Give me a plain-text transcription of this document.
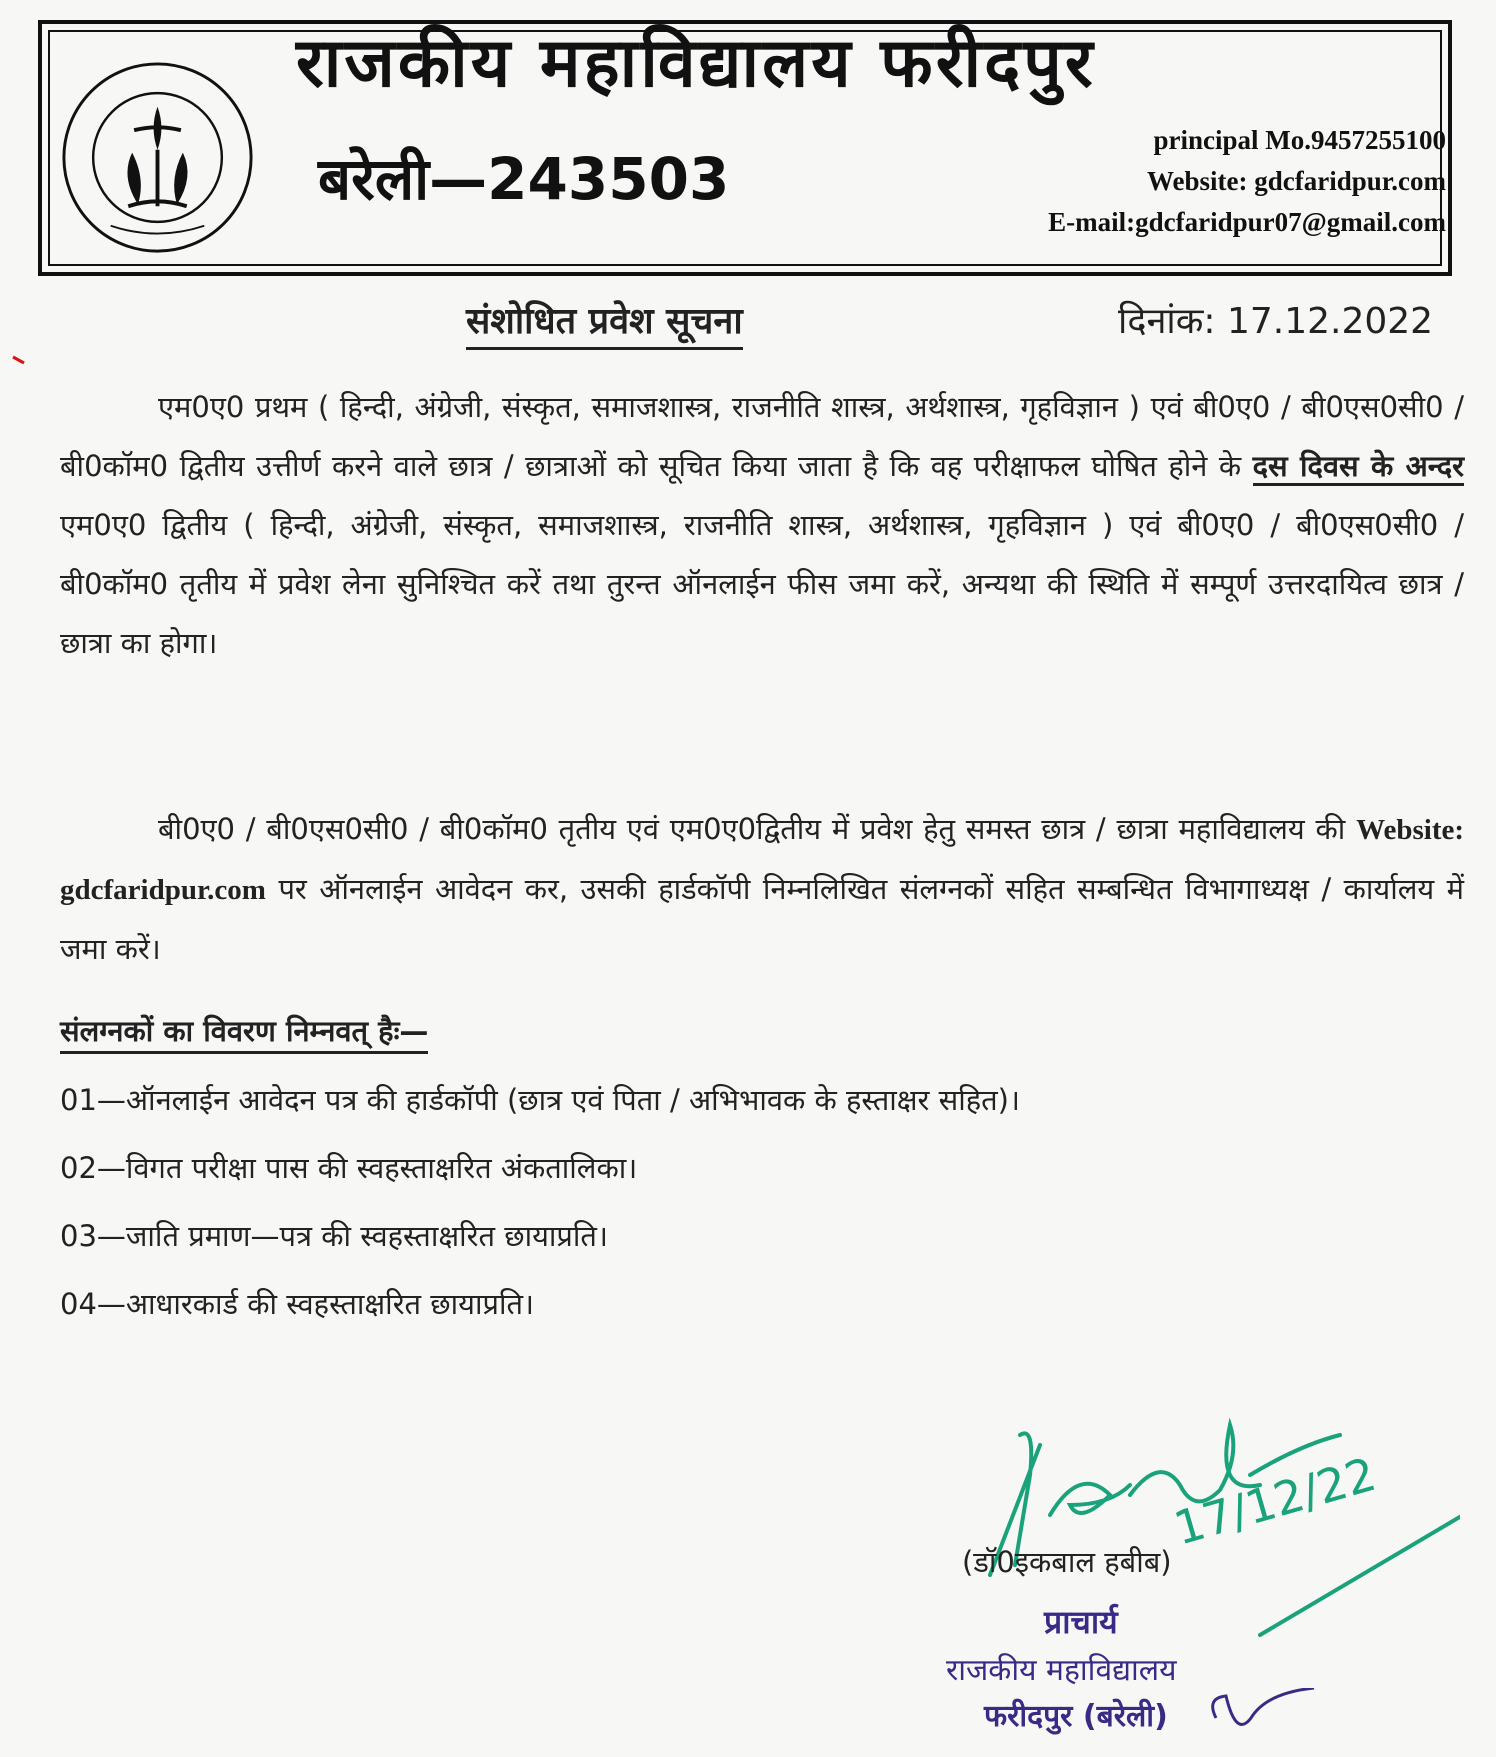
राजकीय महाविद्यालय फरीदपुर
बरेली—243503
principal Mo.9457255100
Website: gdcfaridpur.com
E-mail:gdcfaridpur07@gmail.com
संशोधित प्रवेश सूचना	दिनांक: 17.12.2022

एम0ए0 प्रथम ( हिन्दी, अंग्रेजी, संस्कृत, समाजशास्त्र, राजनीति शास्त्र, अर्थशास्त्र, गृहविज्ञान ) एवं बी0ए0 / बी0एस0सी0 / बी0कॉम0 द्वितीय उत्तीर्ण करने वाले छात्र / छात्राओं को सूचित किया जाता है कि वह परीक्षाफल घोषित होने के दस दिवस के अन्दर एम0ए0 द्वितीय ( हिन्दी, अंग्रेजी, संस्कृत, समाजशास्त्र, राजनीति शास्त्र, अर्थशास्त्र, गृहविज्ञान ) एवं बी0ए0 / बी0एस0सी0 / बी0कॉम0 तृतीय में प्रवेश लेना सुनिश्चित करें तथा तुरन्त ऑनलाईन फीस जमा करें, अन्यथा की स्थिति में सम्पूर्ण उत्तरदायित्व छात्र / छात्रा का होगा।

बी0ए0 / बी0एस0सी0 / बी0कॉम0 तृतीय एवं एम0ए0द्वितीय में प्रवेश हेतु समस्त छात्र / छात्रा महाविद्यालय की Website: gdcfaridpur.com पर ऑनलाईन आवेदन कर, उसकी हार्डकॉपी निम्नलिखित संलग्नकों सहित सम्बन्धित विभागाध्यक्ष / कार्यालय में जमा करें।

संलग्नकों का विवरण निम्नवत् हैः—
01—ऑनलाईन आवेदन पत्र की हार्डकॉपी (छात्र एवं पिता / अभिभावक के हस्ताक्षर सहित)।
02—विगत परीक्षा पास की स्वहस्ताक्षरित अंकतालिका।
03—जाति प्रमाण—पत्र की स्वहस्ताक्षरित छायाप्रति।
04—आधारकार्ड की स्वहस्ताक्षरित छायाप्रति।
17/12/22
(डॉ0इकबाल हबीब)
प्राचार्य
राजकीय महाविद्यालय
फरीदपुर (बरेली)
